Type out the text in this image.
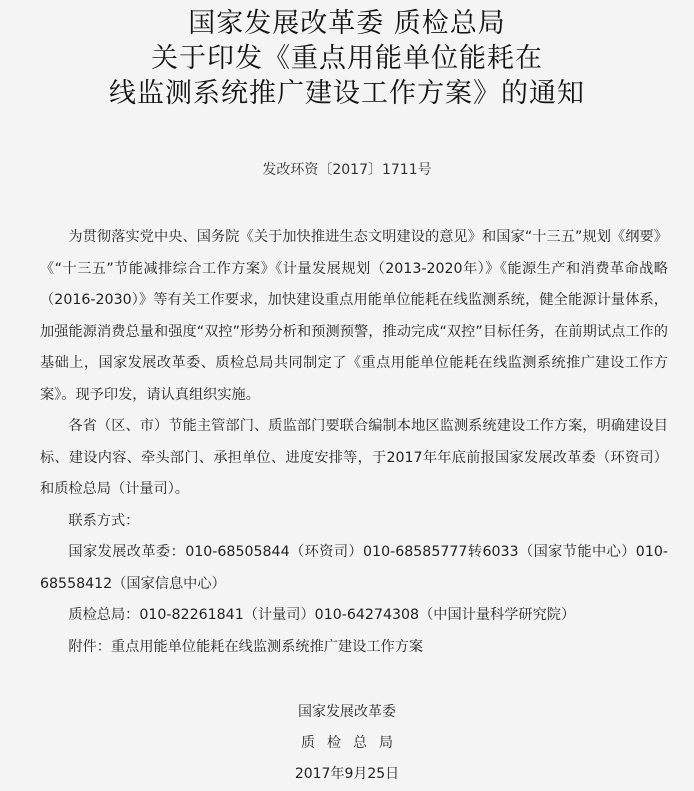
国家发展改革委 质检总局
关于印发《重点用能单位能耗在
线监测系统推广建设工作方案》的通知
发改环资〔2017〕1711号

为贯彻落实党中央、国务院《关于加快推进生态文明建设的意见》和国家“十三五”规划《纲要》《“十三五”节能减排综合工作方案》《计量发展规划（2013-2020年）》《能源生产和消费革命战略（2016-2030）》等有关工作要求，加快建设重点用能单位能耗在线监测系统，健全能源计量体系，加强能源消费总量和强度“双控”形势分析和预测预警，推动完成“双控”目标任务，在前期试点工作的基础上，国家发展改革委、质检总局共同制定了《重点用能单位能耗在线监测系统推广建设工作方案》。现予印发，请认真组织实施。

各省（区、市）节能主管部门、质监部门要联合编制本地区监测系统建设工作方案，明确建设目标、建设内容、牵头部门、承担单位、进度安排等，于2017年年底前报国家发展改革委（环资司）和质检总局（计量司）。

联系方式：

国家发展改革委：010-68505844（环资司）010-68585777转6033（国家节能中心）010-68558412（国家信息中心）

质检总局：010-82261841（计量司）010-64274308（中国计量科学研究院）

附件：重点用能单位能耗在线监测系统推广建设工作方案

国家发展改革委
质检总局
2017年9月25日
